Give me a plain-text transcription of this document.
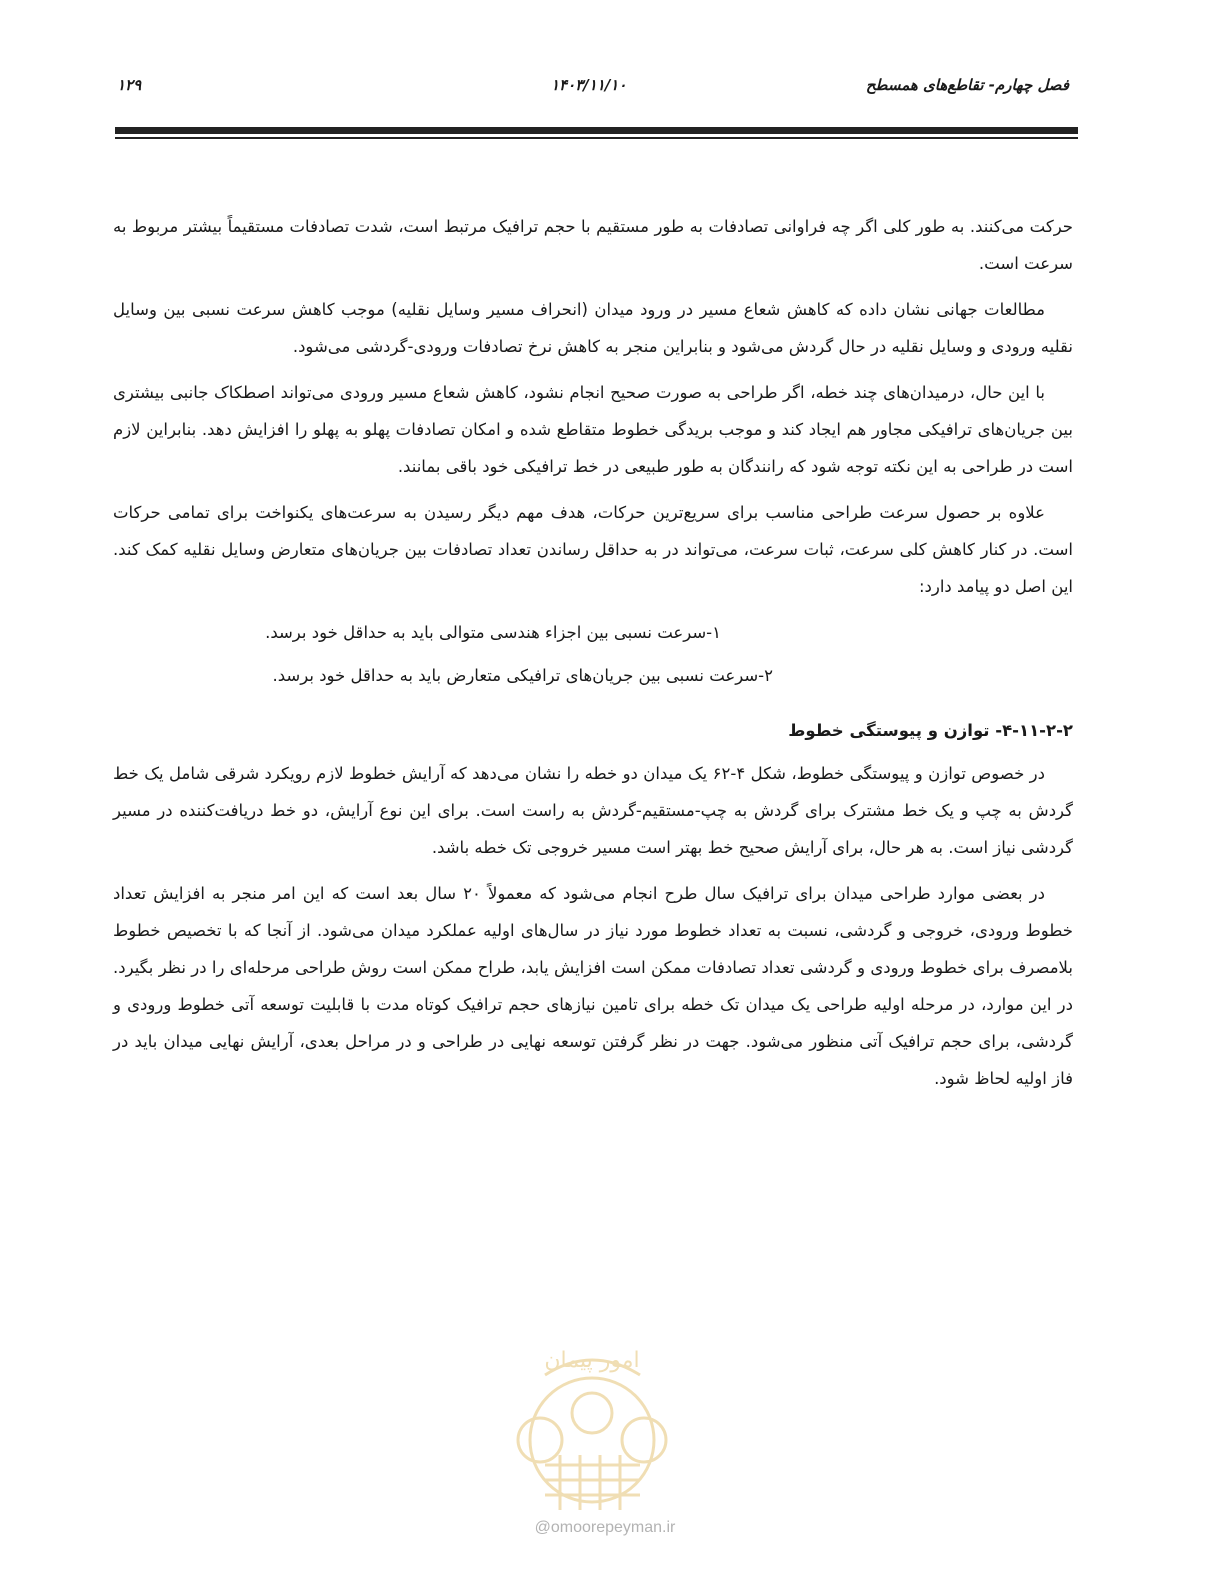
فصل چهارم- تقاطع‌های همسطح
۱۴۰۳/۱۱/۱۰
۱۲۹

حرکت می‌کنند. به طور کلی اگر چه فراوانی تصادفات به طور مستقیم با حجم ترافیک مرتبط است، شدت تصادفات مستقیماً بیشتر مربوط به سرعت است.

مطالعات جهانی نشان داده که کاهش شعاع مسیر در ورود میدان (انحراف مسیر وسایل نقلیه) موجب کاهش سرعت نسبی بین وسایل نقلیه ورودی و وسایل نقلیه در حال گردش می‌شود و بنابراین منجر به کاهش نرخ تصادفات ورودی-گردشی می‌شود.

با این حال، درمیدان‌های چند خطه، اگر طراحی به صورت صحیح انجام نشود، کاهش شعاع مسیر ورودی می‌تواند اصطکاک جانبی بیشتری بین جریان‌های ترافیکی مجاور هم ایجاد کند و موجب بریدگی خطوط متقاطع شده و امکان تصادفات پهلو به پهلو را افزایش دهد. بنابراین لازم است در طراحی به این نکته توجه شود که رانندگان به طور طبیعی در خط ترافیکی خود باقی بمانند.

علاوه بر حصول سرعت طراحی مناسب برای سریع‌ترین حرکات، هدف مهم دیگر رسیدن به سرعت‌های یکنواخت برای تمامی حرکات است. در کنار کاهش کلی سرعت، ثبات سرعت، می‌تواند در به حداقل رساندن تعداد تصادفات بین جریان‌های متعارض وسایل نقلیه کمک کند. این اصل دو پیامد دارد:

۱-سرعت نسبی بین اجزاء هندسی متوالی باید به حداقل خود برسد.

۲-سرعت نسبی بین جریان‌های ترافیکی متعارض باید به حداقل خود برسد.

۴-۱۱-۲-۲- توازن و پیوستگی خطوط

در خصوص توازن و پیوستگی خطوط، شکل ۴-۶۲ یک میدان دو خطه را نشان می‌دهد که آرایش خطوط لازم رویکرد شرقی شامل یک خط گردش به چپ و یک خط مشترک برای گردش به چپ-مستقیم-گردش به راست است. برای این نوع آرایش، دو خط دریافت‌کننده در مسیر گردشی نیاز است. به هر حال، برای آرایش صحیح خط بهتر است مسیر خروجی تک خطه باشد.

در بعضی موارد طراحی میدان برای ترافیک سال طرح انجام می‌شود که معمولاً ۲۰ سال بعد است که این امر منجر به افزایش تعداد خطوط ورودی، خروجی و گردشی، نسبت به تعداد خطوط مورد نیاز در سال‌های اولیه عملکرد میدان می‌شود. از آنجا که با تخصیص خطوط بلامصرف برای خطوط ورودی و گردشی تعداد تصادفات ممکن است افزایش یابد، طراح ممکن است روش طراحی مرحله‌ای را در نظر بگیرد. در این موارد، در مرحله اولیه طراحی یک میدان تک خطه برای تامین نیازهای حجم ترافیک کوتاه مدت با قابلیت توسعه آتی خطوط ورودی و گردشی، برای حجم ترافیک آتی منظور می‌شود. جهت در نظر گرفتن توسعه نهایی در طراحی و در مراحل بعدی، آرایش نهایی میدان باید در فاز اولیه لحاظ شود.

امور پیمان
@omoorepeyman.ir
